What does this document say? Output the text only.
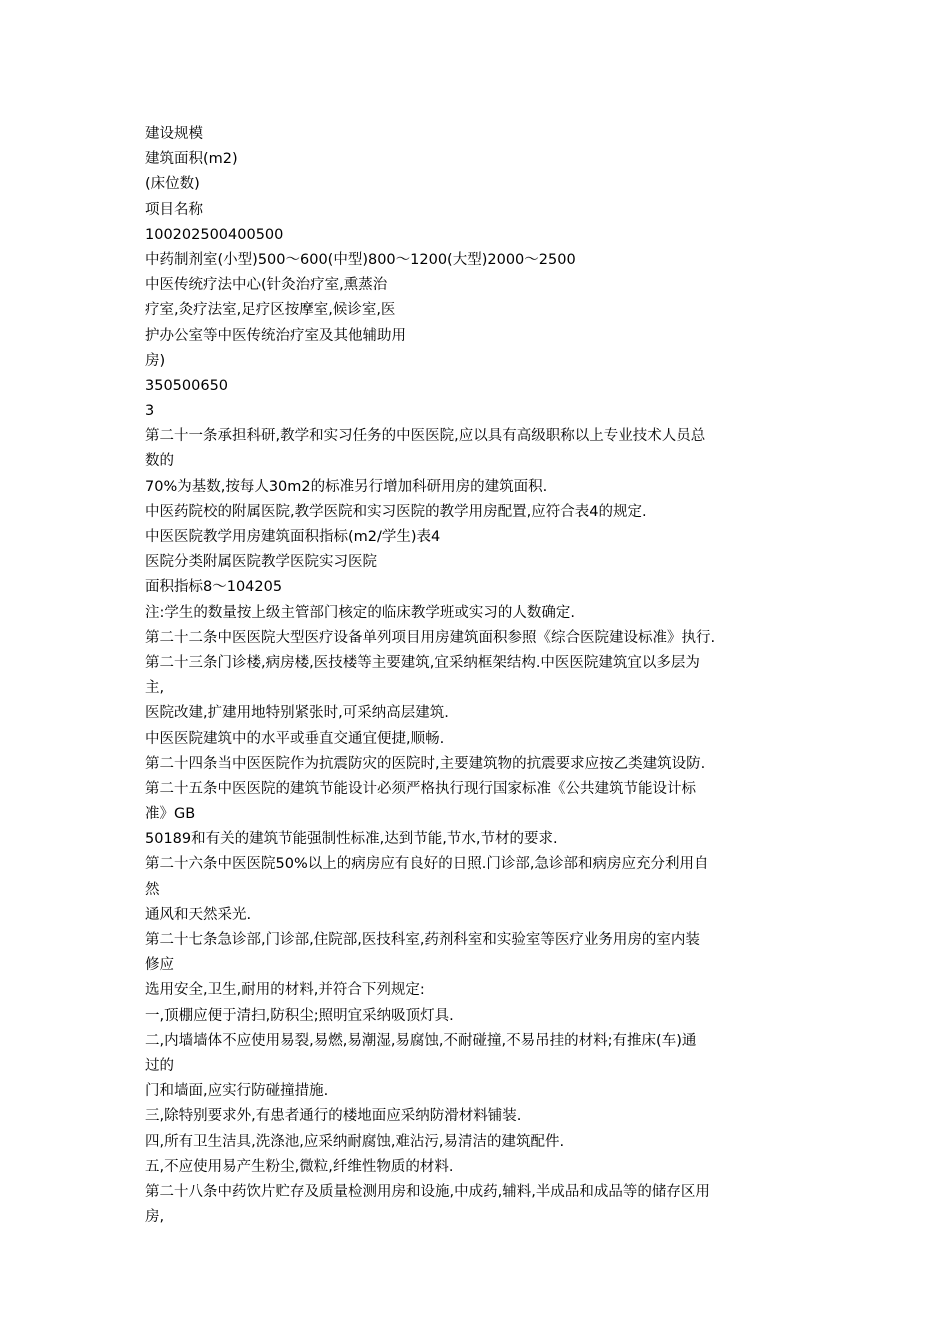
建设规模
建筑面积(m2)
(床位数)
项目名称
100202500400500
中药制剂室(小型)500～600(中型)800～1200(大型)2000～2500
中医传统疗法中心(针灸治疗室,熏蒸治
疗室,灸疗法室,足疗区按摩室,候诊室,医
护办公室等中医传统治疗室及其他辅助用
房)
350500650
3
第二十一条承担科研,教学和实习任务的中医医院,应以具有高级职称以上专业技术人员总
数的
70%为基数,按每人30m2的标准另行增加科研用房的建筑面积.
中医药院校的附属医院,教学医院和实习医院的教学用房配置,应符合表4的规定.
中医医院教学用房建筑面积指标(m2/学生)表4
医院分类附属医院教学医院实习医院
面积指标8～104205
注:学生的数量按上级主管部门核定的临床教学班或实习的人数确定.
第二十二条中医医院大型医疗设备单列项目用房建筑面积参照《综合医院建设标准》执行.
第二十三条门诊楼,病房楼,医技楼等主要建筑,宜采纳框架结构.中医医院建筑宜以多层为
主,
医院改建,扩建用地特别紧张时,可采纳高层建筑.
中医医院建筑中的水平或垂直交通宜便捷,顺畅.
第二十四条当中医医院作为抗震防灾的医院时,主要建筑物的抗震要求应按乙类建筑设防.
第二十五条中医医院的建筑节能设计必须严格执行现行国家标准《公共建筑节能设计标
准》GB
50189和有关的建筑节能强制性标准,达到节能,节水,节材的要求.
第二十六条中医医院50%以上的病房应有良好的日照.门诊部,急诊部和病房应充分利用自
然
通风和天然采光.
第二十七条急诊部,门诊部,住院部,医技科室,药剂科室和实验室等医疗业务用房的室内装
修应
选用安全,卫生,耐用的材料,并符合下列规定:
一,顶棚应便于清扫,防积尘;照明宜采纳吸顶灯具.
二,内墙墙体不应使用易裂,易燃,易潮湿,易腐蚀,不耐碰撞,不易吊挂的材料;有推床(车)通
过的
门和墙面,应实行防碰撞措施.
三,除特别要求外,有患者通行的楼地面应采纳防滑材料铺装.
四,所有卫生洁具,洗涤池,应采纳耐腐蚀,难沾污,易清洁的建筑配件.
五,不应使用易产生粉尘,微粒,纤维性物质的材料.
第二十八条中药饮片贮存及质量检测用房和设施,中成药,辅料,半成品和成品等的储存区用
房,
